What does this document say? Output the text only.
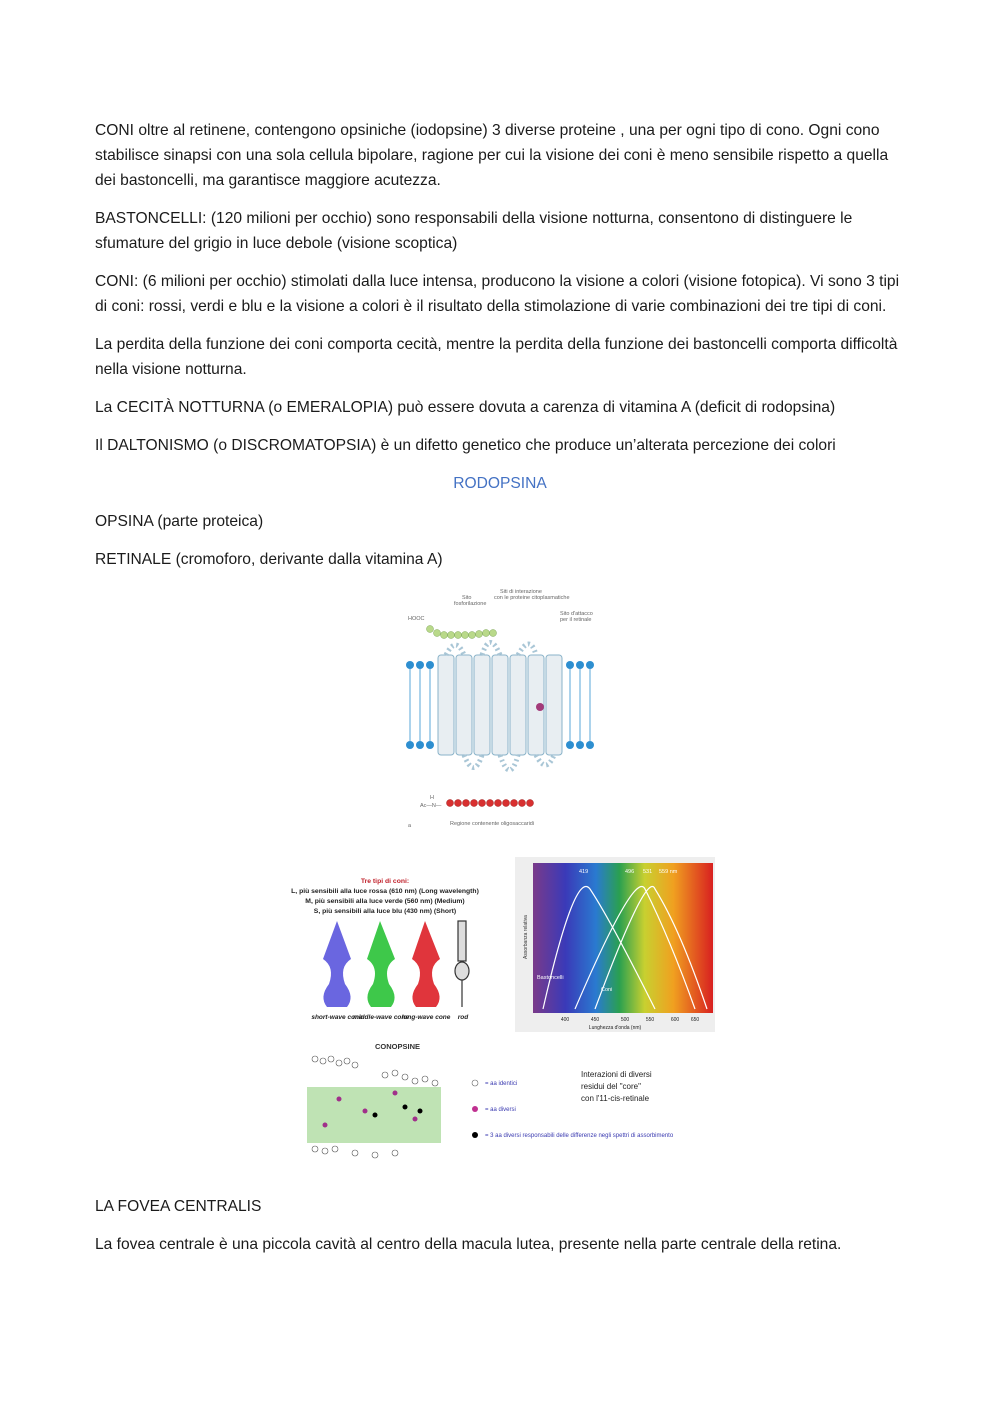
CONI oltre al retinene, contengono opsiniche (iodopsine) 3 diverse proteine , una per ogni tipo di cono. Ogni cono stabilisce sinapsi con una sola cellula bipolare, ragione per cui la visione dei coni è meno sensibile rispetto a quella dei bastoncelli, ma garantisce maggiore acutezza.

BASTONCELLI: (120 milioni per occhio) sono responsabili della visione notturna, consentono di distinguere le sfumature del grigio in luce debole (visione scoptica)

CONI: (6 milioni per occhio) stimolati dalla luce intensa, producono la visione a colori (visione fotopica). Vi sono 3 tipi di coni: rossi, verdi e blu e la visione a colori è il risultato della stimolazione di varie combinazioni dei tre tipi di coni.

La perdita della funzione dei coni comporta cecità, mentre la perdita della funzione dei bastoncelli comporta difficoltà nella visione notturna.

La CECITÀ NOTTURNA (o EMERALOPIA) può essere dovuta a carenza di vitamina A (deficit di rodopsina)

Il DALTONISMO (o DISCROMATOPSIA) è un difetto genetico che produce un’alterata percezione dei colori

RODOPSINA

OPSINA (parte proteica)

RETINALE (cromoforo, derivante dalla vitamina A)

Siti di interazione
con le proteine citoplasmatiche
Sito
fosforilazione
Sito d'attacco
per il retinale
HOOC
H
Ac—N—
Regione contenente oligosaccaridi
a
Tre tipi di coni:
L, più sensibili alla luce rossa (610 nm) (Long wavelength)
M, più sensibili alla luce verde (560 nm) (Medium)
S, più sensibili alla luce blu (430 nm) (Short)
short-wave cone
middle-wave cone
long-wave cone rod
419	496 531 559 nm
Bastoncelli
Coni
Assorbanza relativa
400	450	500	550	600 650
Lunghezza d'onda (nm)
CONOPSINE
= aa identici
= aa diversi
= 3 aa diversi responsabili delle differenze negli spettri di assorbimento
Interazioni di diversi
residui del "core"
con l'11-cis-retinale

LA FOVEA CENTRALIS

La fovea centrale è una piccola cavità al centro della macula lutea, presente nella parte centrale della retina.
